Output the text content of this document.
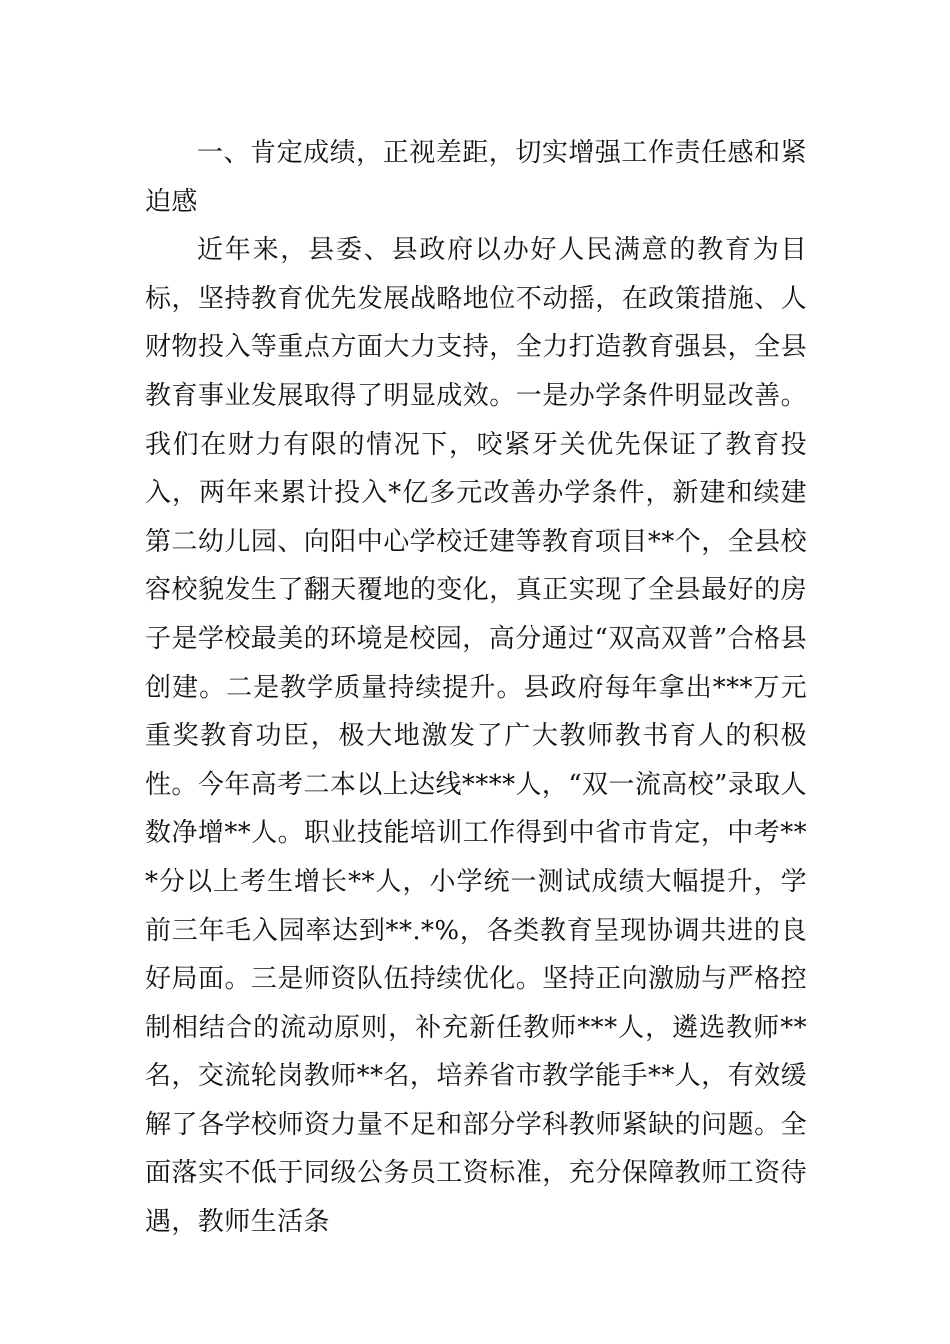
一、肯定成绩，正视差距，切实增强工作责任感和紧迫感

近年来，县委、县政府以办好人民满意的教育为目标，坚持教育优先发展战略地位不动摇，在政策措施、人财物投入等重点方面大力支持，全力打造教育强县，全县教育事业发展取得了明显成效。一是办学条件明显改善。我们在财力有限的情况下，咬紧牙关优先保证了教育投入，两年来累计投入*亿多元改善办学条件，新建和续建第二幼儿园、向阳中心学校迁建等教育项目**个，全县校容校貌发生了翻天覆地的变化，真正实现了全县最好的房子是学校最美的环境是校园，高分通过“双高双普”合格县创建。二是教学质量持续提升。县政府每年拿出***万元重奖教育功臣，极大地激发了广大教师教书育人的积极性。今年高考二本以上达线****人，“双一流高校”录取人数净增**人。职业技能培训工作得到中省市肯定，中考***分以上考生增长**人，小学统一测试成绩大幅提升，学前三年毛入园率达到**.*%，各类教育呈现协调共进的良好局面。三是师资队伍持续优化。坚持正向激励与严格控制相结合的流动原则，补充新任教师***人，遴选教师**名，交流轮岗教师**名，培养省市教学能手**人，有效缓解了各学校师资力量不足和部分学科教师紧缺的问题。全面落实不低于同级公务员工资标准，充分保障教师工资待遇，教师生活条
